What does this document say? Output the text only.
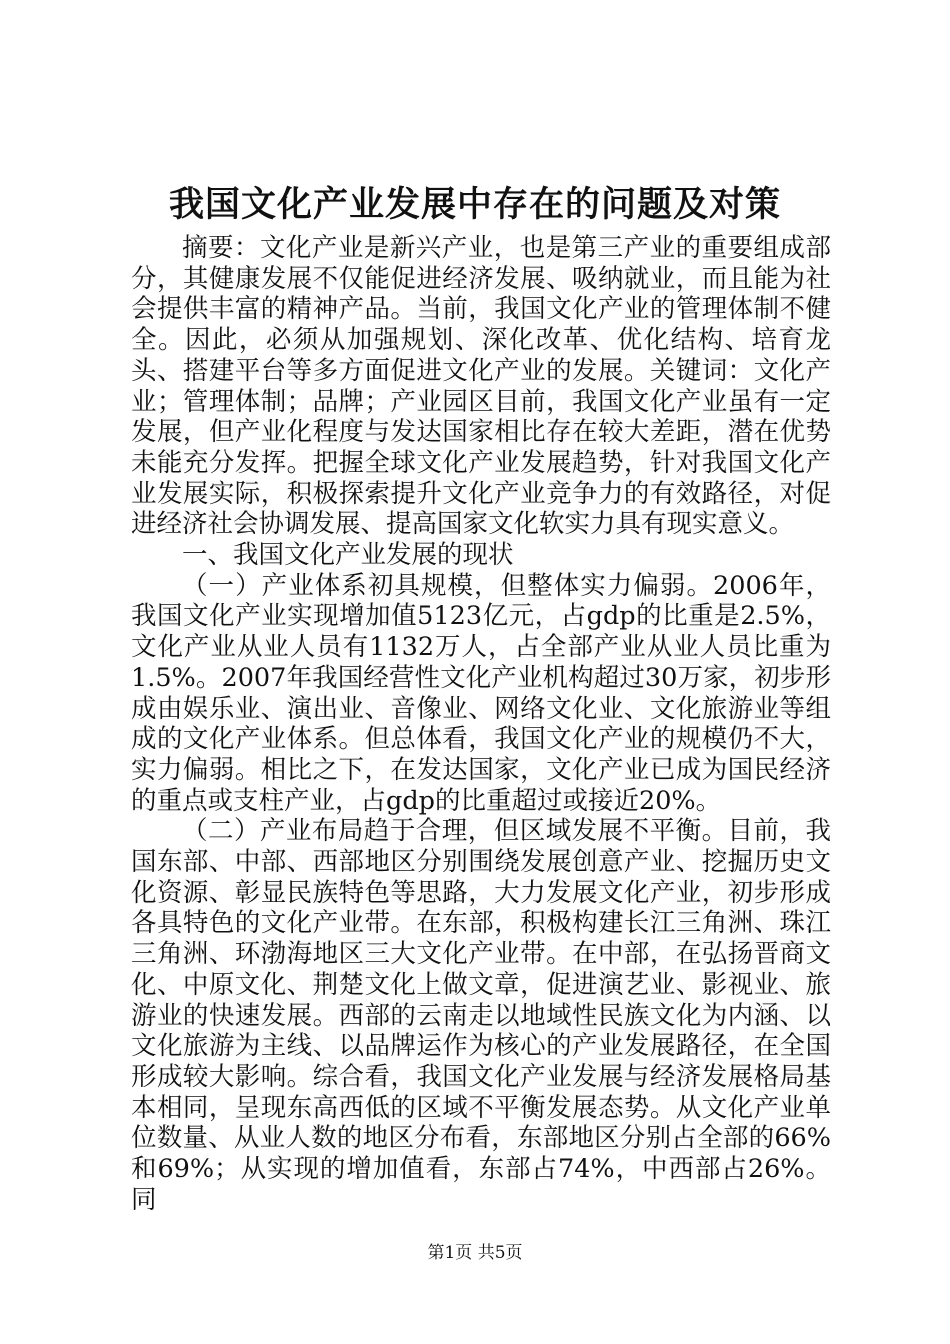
我国文化产业发展中存在的问题及对策

摘要：文化产业是新兴产业，也是第三产业的重要组成部分，其健康发展不仅能促进经济发展、吸纳就业，而且能为社会提供丰富的精神产品。当前，我国文化产业的管理体制不健全。因此，必须从加强规划、深化改革、优化结构、培育龙头、搭建平台等多方面促进文化产业的发展。关键词：文化产业；管理体制；品牌；产业园区目前，我国文化产业虽有一定发展，但产业化程度与发达国家相比存在较大差距，潜在优势未能充分发挥。把握全球文化产业发展趋势，针对我国文化产业发展实际，积极探索提升文化产业竞争力的有效路径，对促进经济社会协调发展、提高国家文化软实力具有现实意义。

一、我国文化产业发展的现状

（一）产业体系初具规模，但整体实力偏弱。2006年，我国文化产业实现增加值5123亿元，占gdp的比重是2.5%，文化产业从业人员有1132万人，占全部产业从业人员比重为1.5%。2007年我国经营性文化产业机构超过30万家，初步形成由娱乐业、演出业、音像业、网络文化业、文化旅游业等组成的文化产业体系。但总体看，我国文化产业的规模仍不大，实力偏弱。相比之下，在发达国家，文化产业已成为国民经济的重点或支柱产业，占gdp的比重超过或接近20%。

（二）产业布局趋于合理，但区域发展不平衡。目前，我国东部、中部、西部地区分别围绕发展创意产业、挖掘历史文化资源、彰显民族特色等思路，大力发展文化产业，初步形成各具特色的文化产业带。在东部，积极构建长江三角洲、珠江三角洲、环渤海地区三大文化产业带。在中部，在弘扬晋商文化、中原文化、荆楚文化上做文章，促进演艺业、影视业、旅游业的快速发展。西部的云南走以地域性民族文化为内涵、以文化旅游为主线、以品牌运作为核心的产业发展路径，在全国形成较大影响。综合看，我国文化产业发展与经济发展格局基本相同，呈现东高西低的区域不平衡发展态势。从文化产业单位数量、从业人数的地区分布看，东部地区分别占全部的66%和69%；从实现的增加值看，东部占74%，中西部占26%。同

第1页 共5页
